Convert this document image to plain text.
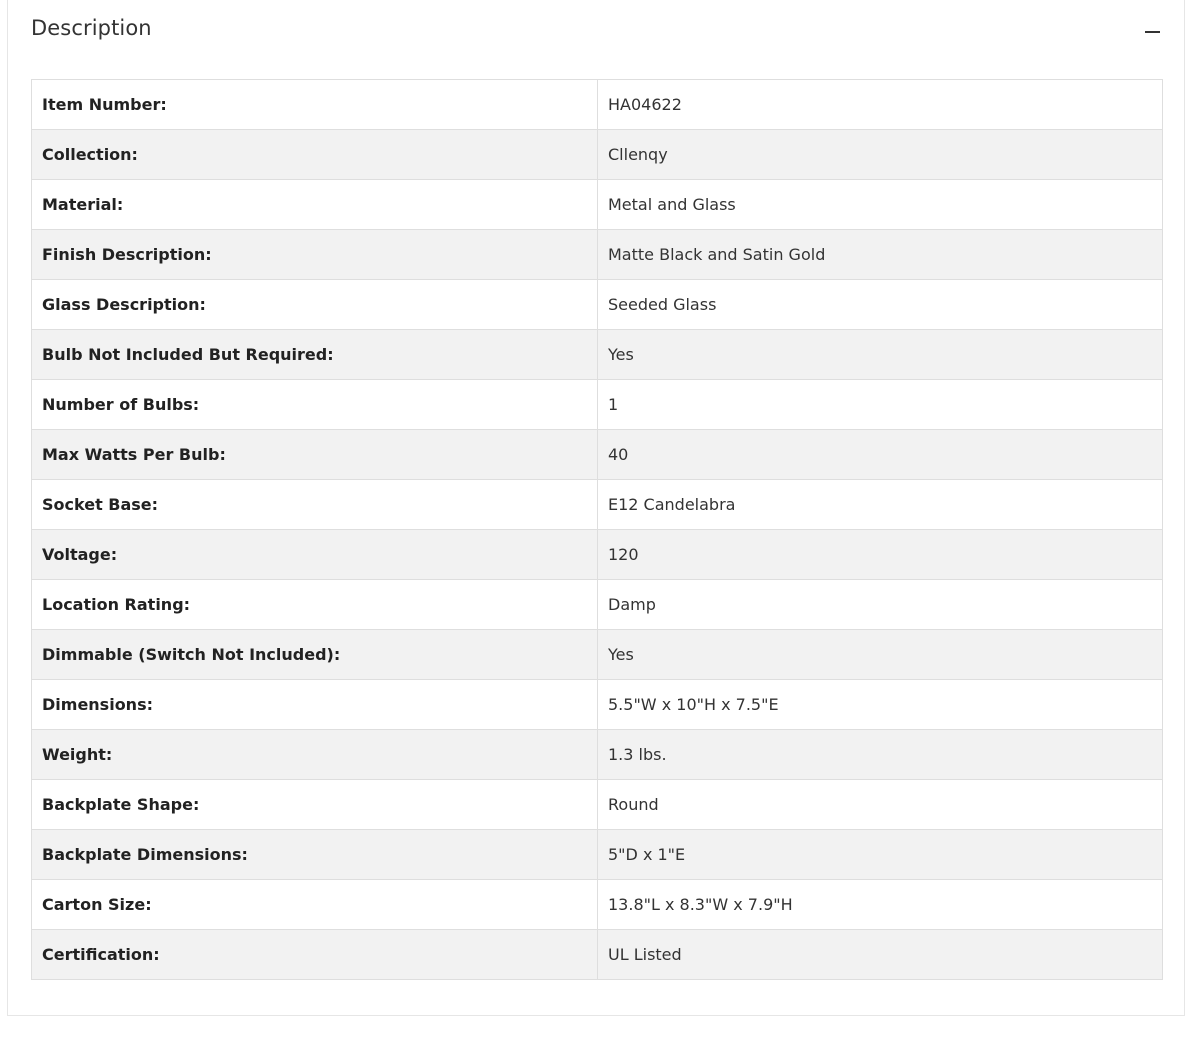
Description
Item Number:	HA04622
Collection:	Cllenqy
Material:	Metal and Glass
Finish Description:	Matte Black and Satin Gold
Glass Description:	Seeded Glass
Bulb Not Included But Required:	Yes
Number of Bulbs:	1
Max Watts Per Bulb:	40
Socket Base:	E12 Candelabra
Voltage:	120
Location Rating:	Damp
Dimmable (Switch Not Included):	Yes
Dimensions:	5.5"W x 10"H x 7.5"E
Weight:	1.3 lbs.
Backplate Shape:	Round
Backplate Dimensions:	5"D x 1"E
Carton Size:	13.8"L x 8.3"W x 7.9"H
Certification:	UL Listed
